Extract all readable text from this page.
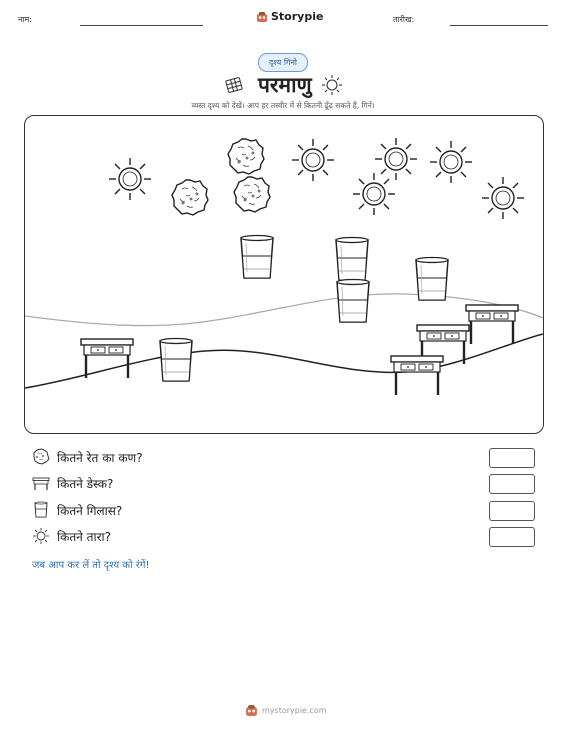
नाम:	Storypie	तारीख:
दृश्य गिनो
परमाणु
व्यस्त दृश्य को देखें। आप हर तस्वीर में से कितनी ढूँढ़ सकते हैं, गिनें।
कितने रेत का कण?
कितने डेस्क?
कितने गिलास?
कितने तारा?
जब आप कर लें तो दृश्य को रंगें!
mystorypie.com
